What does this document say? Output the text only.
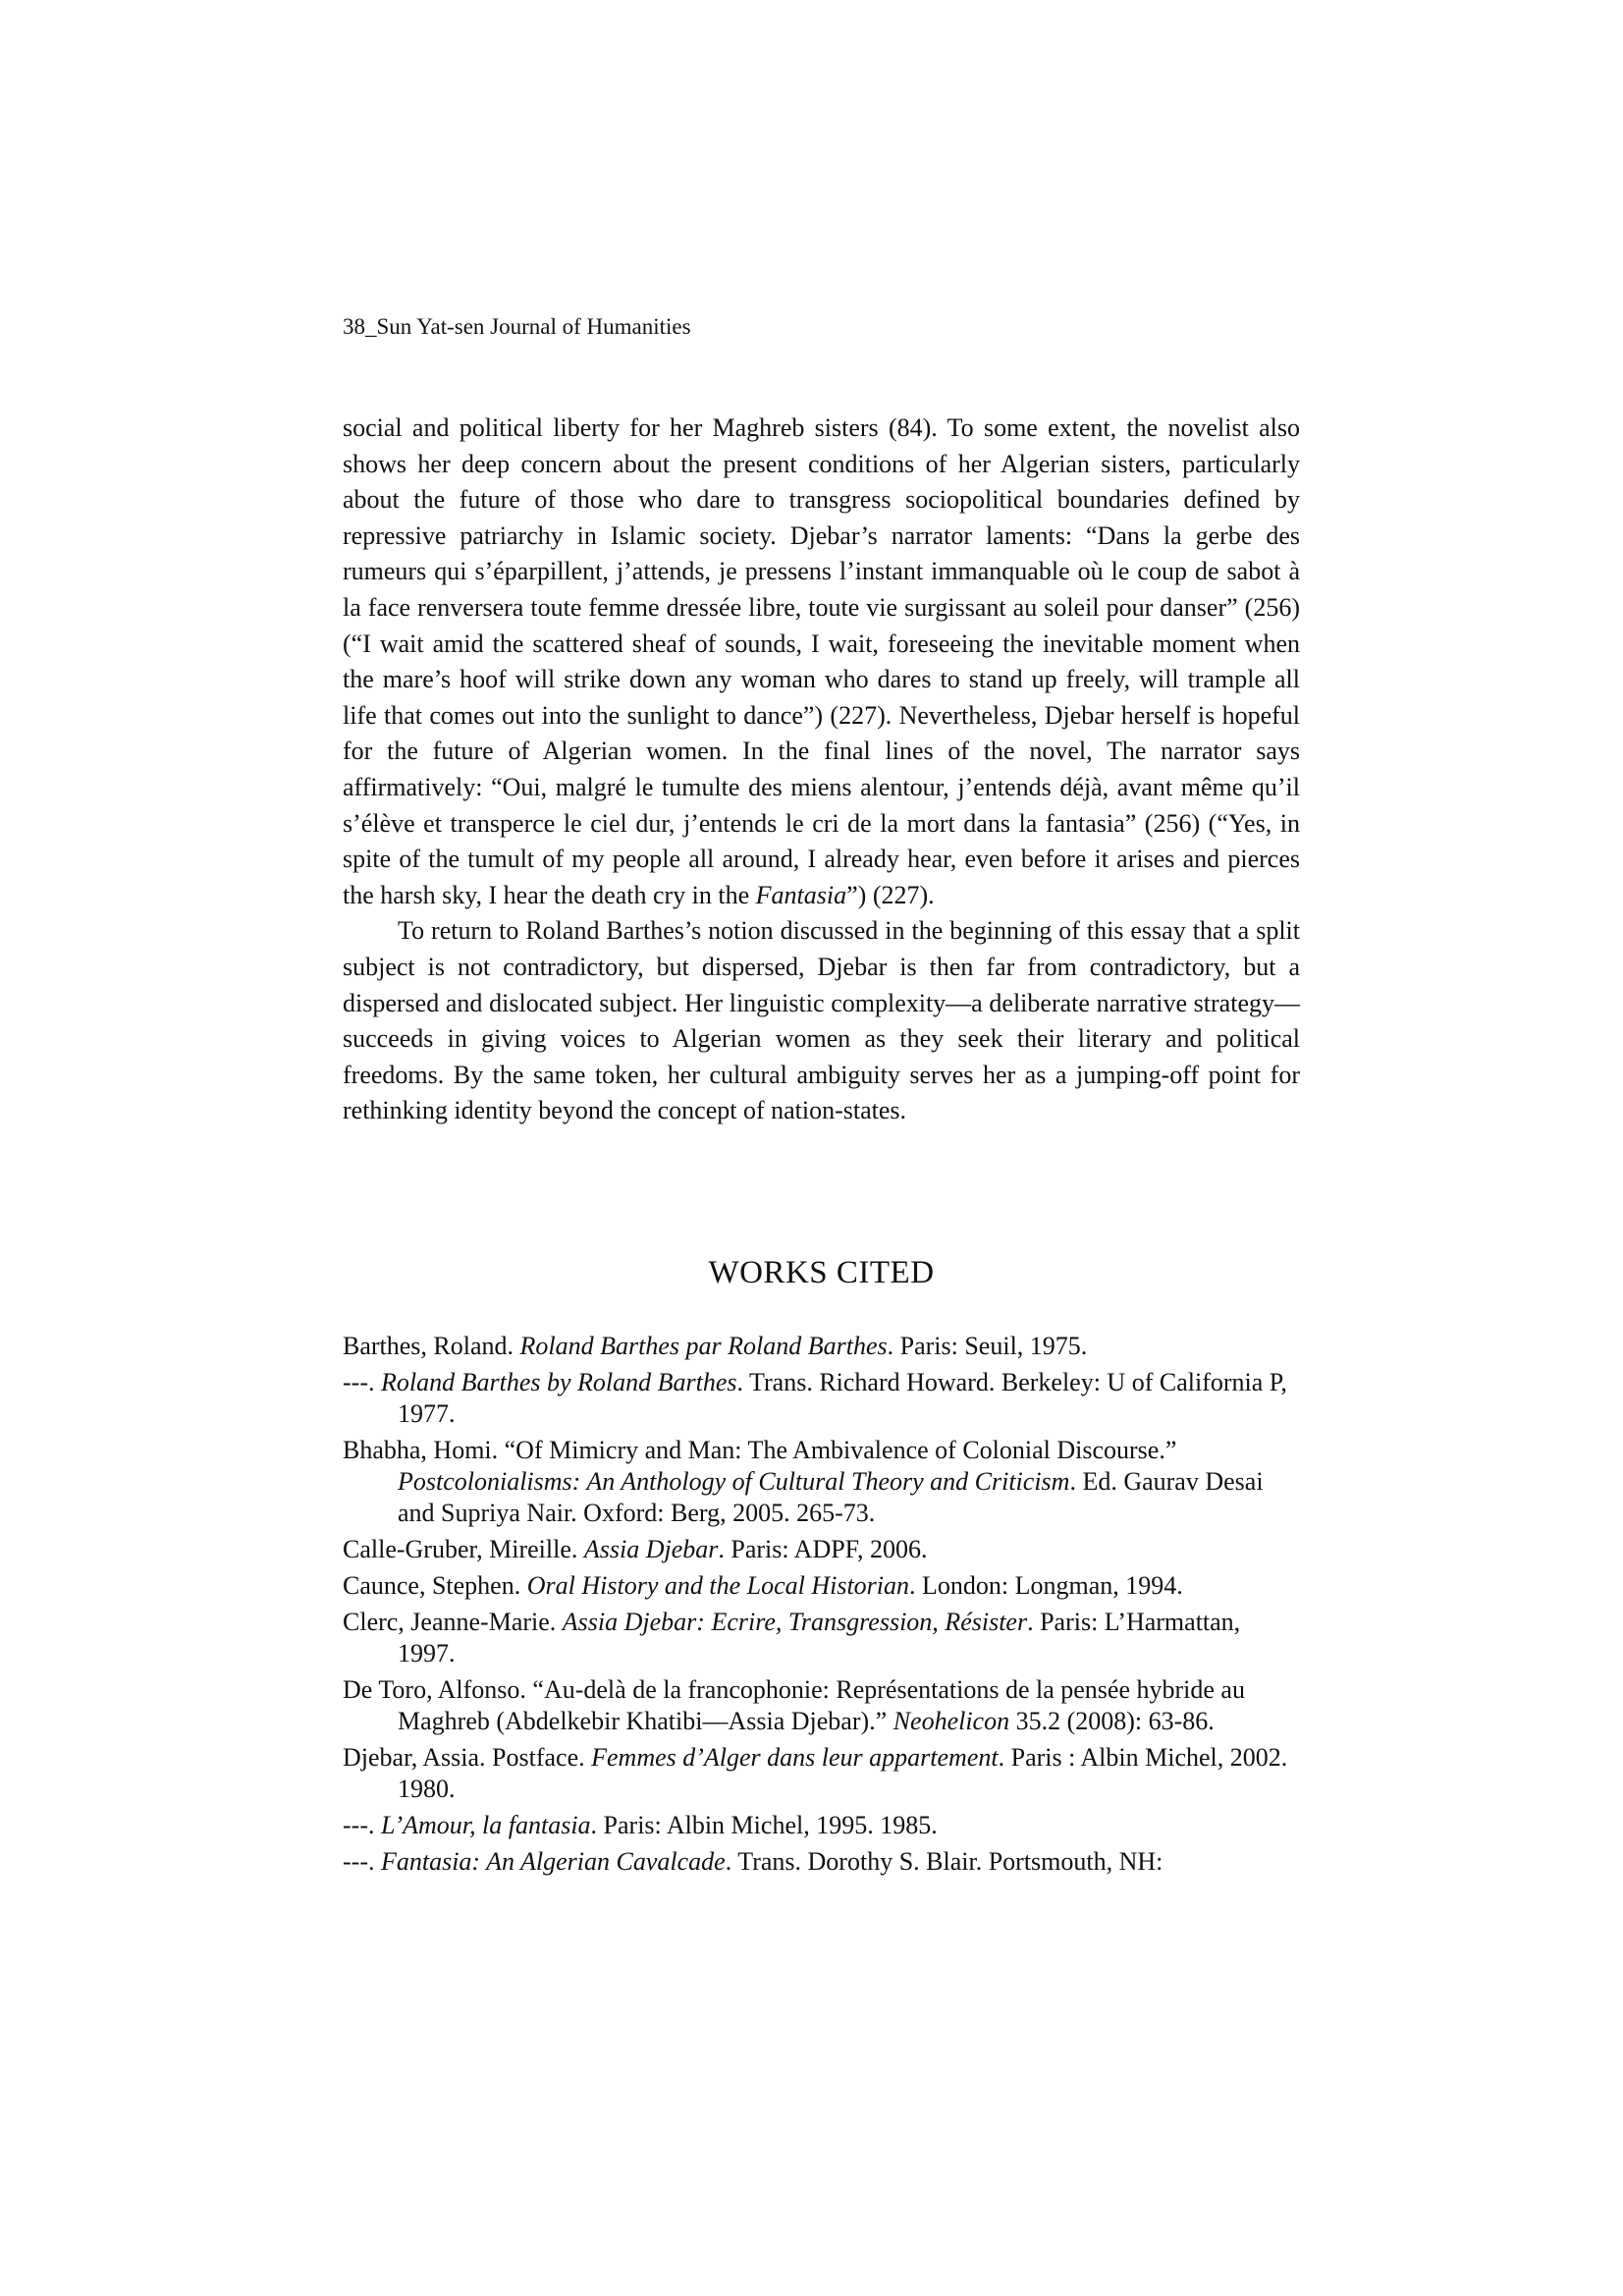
38_Sun Yat-sen Journal of Humanities

social and political liberty for her Maghreb sisters (84). To some extent, the novelist also shows her deep concern about the present conditions of her Algerian sisters, particularly about the future of those who dare to transgress sociopolitical boundaries defined by repressive patriarchy in Islamic society. Djebar’s narrator laments: “Dans la gerbe des rumeurs qui s’éparpillent, j’attends, je pressens l’instant immanquable où le coup de sabot à la face renversera toute femme dressée libre, toute vie surgissant au soleil pour danser” (256) (“I wait amid the scattered sheaf of sounds, I wait, foreseeing the inevitable moment when the mare’s hoof will strike down any woman who dares to stand up freely, will trample all life that comes out into the sunlight to dance”) (227). Nevertheless, Djebar herself is hopeful for the future of Algerian women. In the final lines of the novel, The narrator says affirmatively: “Oui, malgré le tumulte des miens alentour, j’entends déjà, avant même qu’il s’élève et transperce le ciel dur, j’entends le cri de la mort dans la fantasia” (256) (“Yes, in spite of the tumult of my people all around, I already hear, even before it arises and pierces the harsh sky, I hear the death cry in the Fantasia”) (227).

To return to Roland Barthes’s notion discussed in the beginning of this essay that a split subject is not contradictory, but dispersed, Djebar is then far from contradictory, but a dispersed and dislocated subject. Her linguistic complexity—a deliberate narrative strategy—succeeds in giving voices to Algerian women as they seek their literary and political freedoms. By the same token, her cultural ambiguity serves her as a jumping-off point for rethinking identity beyond the concept of nation-states.

WORKS CITED

Barthes, Roland. Roland Barthes par Roland Barthes. Paris: Seuil, 1975.

---. Roland Barthes by Roland Barthes. Trans. Richard Howard. Berkeley: U of California P, 1977.

Bhabha, Homi. “Of Mimicry and Man: The Ambivalence of Colonial Discourse.” Postcolonialisms: An Anthology of Cultural Theory and Criticism. Ed. Gaurav Desai and Supriya Nair. Oxford: Berg, 2005. 265-73.

Calle-Gruber, Mireille. Assia Djebar. Paris: ADPF, 2006.

Caunce, Stephen. Oral History and the Local Historian. London: Longman, 1994.

Clerc, Jeanne-Marie. Assia Djebar: Ecrire, Transgression, Résister. Paris: L’Harmattan, 1997.

De Toro, Alfonso. “Au-delà de la francophonie: Représentations de la pensée hybride au Maghreb (Abdelkebir Khatibi—Assia Djebar).” Neohelicon 35.2 (2008): 63-86.

Djebar, Assia. Postface. Femmes d’Alger dans leur appartement. Paris : Albin Michel, 2002. 1980.

---. L’Amour, la fantasia. Paris: Albin Michel, 1995. 1985.

---. Fantasia: An Algerian Cavalcade. Trans. Dorothy S. Blair. Portsmouth, NH:
